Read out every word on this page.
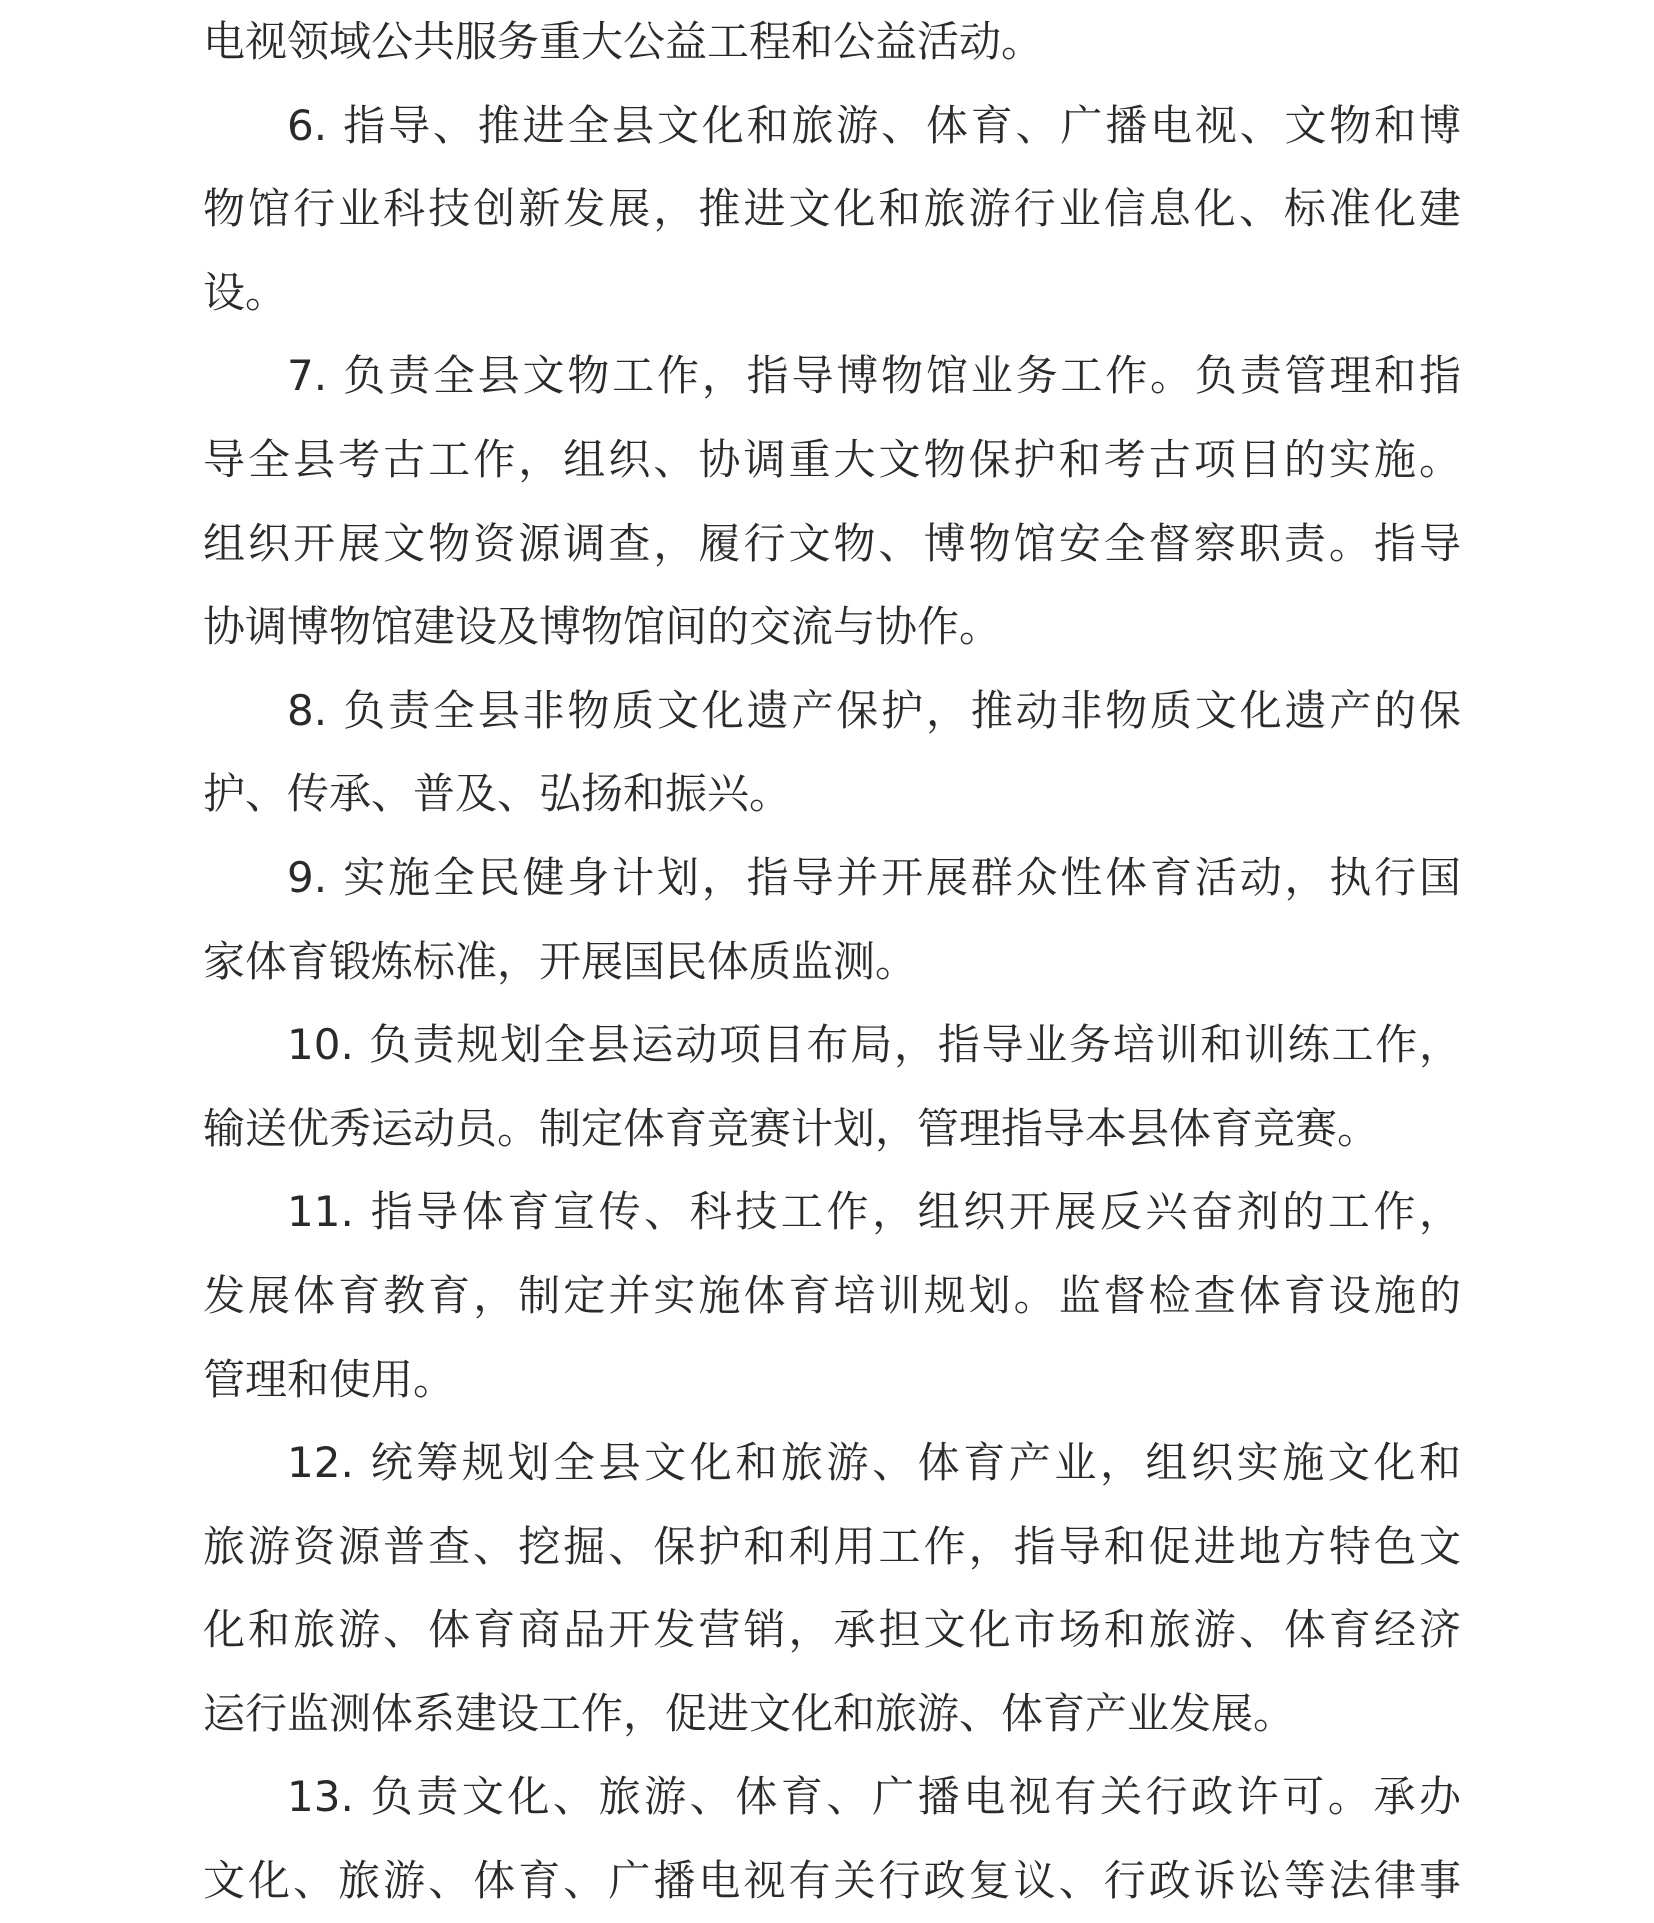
电视领域公共服务重大公益工程和公益活动。
6. 指导、推进全县文化和旅游、体育、广播电视、文物和博
物馆行业科技创新发展，推进文化和旅游行业信息化、标准化建
设。
7. 负责全县文物工作，指导博物馆业务工作。负责管理和指
导全县考古工作，组织、协调重大文物保护和考古项目的实施。
组织开展文物资源调查，履行文物、博物馆安全督察职责。指导
协调博物馆建设及博物馆间的交流与协作。
8. 负责全县非物质文化遗产保护，推动非物质文化遗产的保
护、传承、普及、弘扬和振兴。
9. 实施全民健身计划，指导并开展群众性体育活动，执行国
家体育锻炼标准，开展国民体质监测。
10. 负责规划全县运动项目布局，指导业务培训和训练工作，
输送优秀运动员。制定体育竞赛计划，管理指导本县体育竞赛。
11. 指导体育宣传、科技工作，组织开展反兴奋剂的工作，
发展体育教育，制定并实施体育培训规划。监督检查体育设施的
管理和使用。
12. 统筹规划全县文化和旅游、体育产业，组织实施文化和
旅游资源普查、挖掘、保护和利用工作，指导和促进地方特色文
化和旅游、体育商品开发营销，承担文化市场和旅游、体育经济
运行监测体系建设工作，促进文化和旅游、体育产业发展。
13. 负责文化、旅游、体育、广播电视有关行政许可。承办
文化、旅游、体育、广播电视有关行政复议、行政诉讼等法律事
